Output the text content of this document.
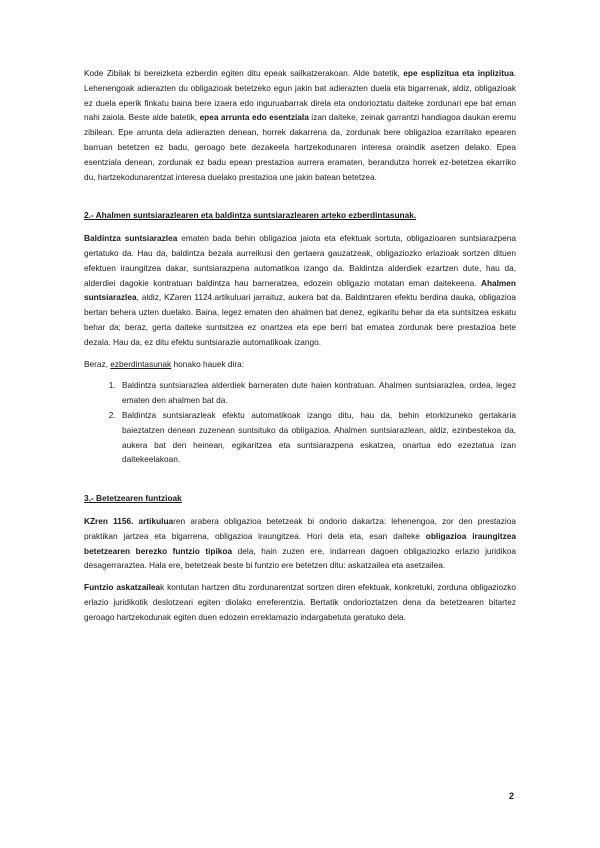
Kode Zibilak bi bereizketa ezberdin egiten ditu epeak sailkatzerakoan. Alde batetik, epe esplizitua eta inplizitua. Lehenengoak adierazten du obligazioak betetzeko egun jakin bat adierazten duela eta bigarrenak, aldiz, obligazioak ez duela eperik finkatu baina bere izaera edo inguruabarrak direla eta ondorioztatu daiteke zordunari epe bat eman nahi zaiola. Beste alde batetik, epea arrunta edo esentziala izan daiteke, zeinak garrantzi handiagoa daukan eremu zibilean. Epe arrunta dela adierazten denean, horrek dakarrena da, zordunak bere obligazioa ezarritako epearen barruan betetzen ez badu, geroago bete dezakeela hartzekodunaren interesa oraindik asetzen delako. Epea esentziala denean, zordunak ez badu epean prestazioa aurrera eramaten, berandutza horrek ez-betetzea ekarriko du, hartzekodunarentzat interesa duelako prestazioa une jakin batean betetzea.

2.- Ahalmen suntsiarazlearen eta baldintza suntsiarazlearen arteko ezberdintasunak.

Baldintza suntsiarazlea ematen bada behin obligazioa jaiota eta efektuak sortuta, obligazioaren suntsiarazpena gertatuko da. Hau da, baldintza bezala aurreikusi den gertaera gauzatzeak, obligaziozko erlazioak sortzen dituen efektuen iraungitzea dakar, suntsiarazpena automatikoa izango da. Baldintza alderdiek ezartzen dute, hau da, alderdiei dagokie kontratuan baldintza hau barneratzea, edozein obligazio motatan eman daitekeena. Ahalmen suntsiarazlea, aldiz, KZaren 1124.artikuluari jarraituz, aukera bat da. Baldintzaren efektu berdina dauka, obligazioa bertan behera uzten duelako. Baina, legez ematen den ahalmen bat denez, egikaritu behar da eta suntsitzea eskatu behar da; beraz, gerta daiteke suntsitzea ez onartzea eta epe berri bat ematea zordunak bere prestazioa bete dezala. Hau da, ez ditu efektu suntsiarazle automatikoak izango.

Beraz, ezberdintasunak honako hauek dira:

1. Baldintza suntsiarazlea alderdiek barneraten dute haien kontratuan. Ahalmen suntsiarazlea, ordea, legez ematen den ahalmen bat da.
2. Baldintza suntsiarazleak efektu automatikoak izango ditu, hau da, behin etorkizuneko gertakaria baieztatzen denean zuzenean suntsituko da obligazioa. Ahalmen suntsiarazlean, aldiz, ezinbestekoa da, aukera bat den heinean, egikaritzea eta suntsiarazpena eskatzea, onartua edo ezeztatua izan daitekeelakoan.

3.- Betetzearen funtzioak

KZren 1156. artikuluaren arabera obligazioa betetzeak bi ondorio dakartza: lehenengoa, zor den prestazioa praktikan jartzea eta bigarrena, obligazioa iraungitzea. Hori dela eta, esan daiteke obligazioa iraungitzea betetzearen berezko funtzio tipikoa dela, hain zuzen ere, indarrean dagoen obligaziozko erlazio juridikoa desagerraraztea. Hala ere, betetzeak beste bi funtzio ere betetzen ditu: askatzailea eta asetzailea.

Funtzio askatzaileak kontutan hartzen ditu zordunarentzat sortzen diren efektuak, konkretuki, zorduna obligaziozko erlazio juridikotik deslotzeari egiten diolako erreferentzia. Bertatik ondorioztatzen dena da betetzearen bitartez geroago hartzekodunak egiten duen edozein erreklamazio indargabetuta geratuko dela.

2
